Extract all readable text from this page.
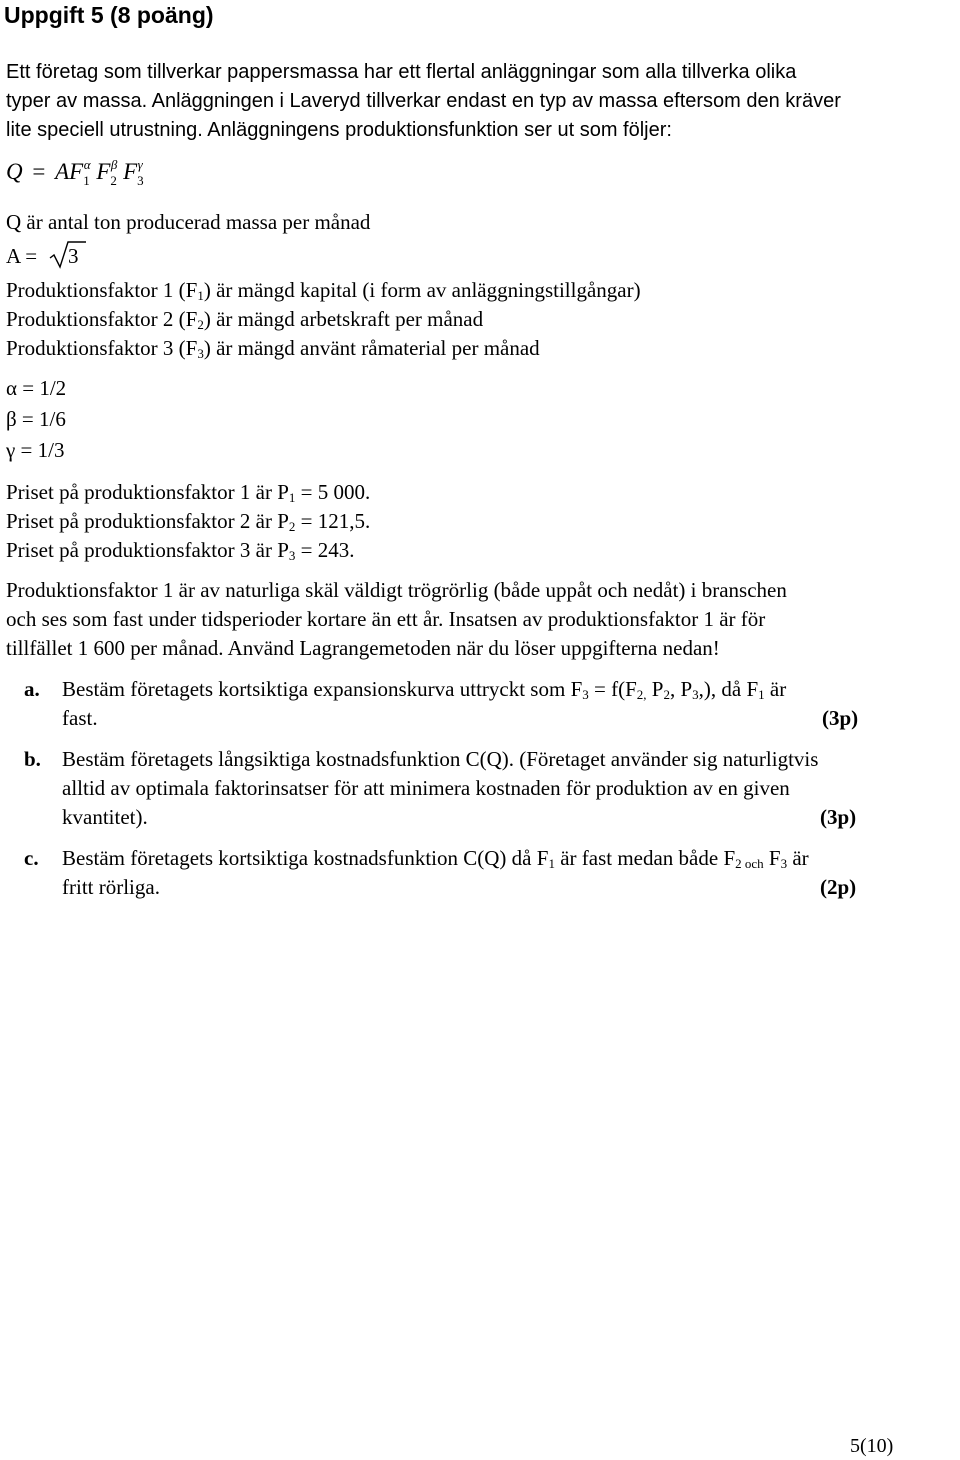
Uppgift 5 (8 poäng)
Ett företag som tillverkar pappersmassa har ett flertal anläggningar som alla tillverka olika
typer av massa. Anläggningen i Laveryd tillverkar endast en typ av massa eftersom den kräver
lite speciell utrustning. Anläggningens produktionsfunktion ser ut som följer:
$Q = AF_1^\alpha$ $F_2^\beta$ $F_3^\gamma$
Q är antal ton producerad massa per månad
A = 3
Produktionsfaktor 1 $(F_1)$ är mängd kapital (i form av anläggningstillgångar)
Produktionsfaktor 2 $(F_2)$ är mängd arbetskraft per månad
Produktionsfaktor 3 $(F_3)$ är mängd använt råmaterial per månad
α = 1/2
β = 1/6
γ = 1/3
Priset på produktionsfaktor 1 är $P_1 = 5$ 000.
Priset på produktionsfaktor 2 är $P_2 = 121,5$.
Priset på produktionsfaktor 3 är $P_3 = 243$.
Produktionsfaktor 1 är av naturliga skäl väldigt trögrörlig (både uppåt och nedåt) i branschen
och ses som fast under tidsperioder kortare än ett år. Insatsen av produktionsfaktor 1 är för
tillfället 1 600 per månad. Använd Lagrangemetoden när du löser uppgifterna nedan!
a. Bestäm företagets kortsiktiga expansionskurva uttryckt som $F_3 = f(F_{2,}$ $P_2$, $P_3$,), då $F_1$ är
fast.	(3p)
b. Bestäm företagets långsiktiga kostnadsfunktion C(Q). (Företaget använder sig naturligtvis
alltid av optimala faktorinsatser för att minimera kostnaden för produktion av en given
kvantitet).	(3p)
c. Bestäm företagets kortsiktiga kostnadsfunktion C(Q) då $F_1$ är fast medan både $F_{2 och}$ $F_3$ är
fritt rörliga.	(2p)
5(10)
